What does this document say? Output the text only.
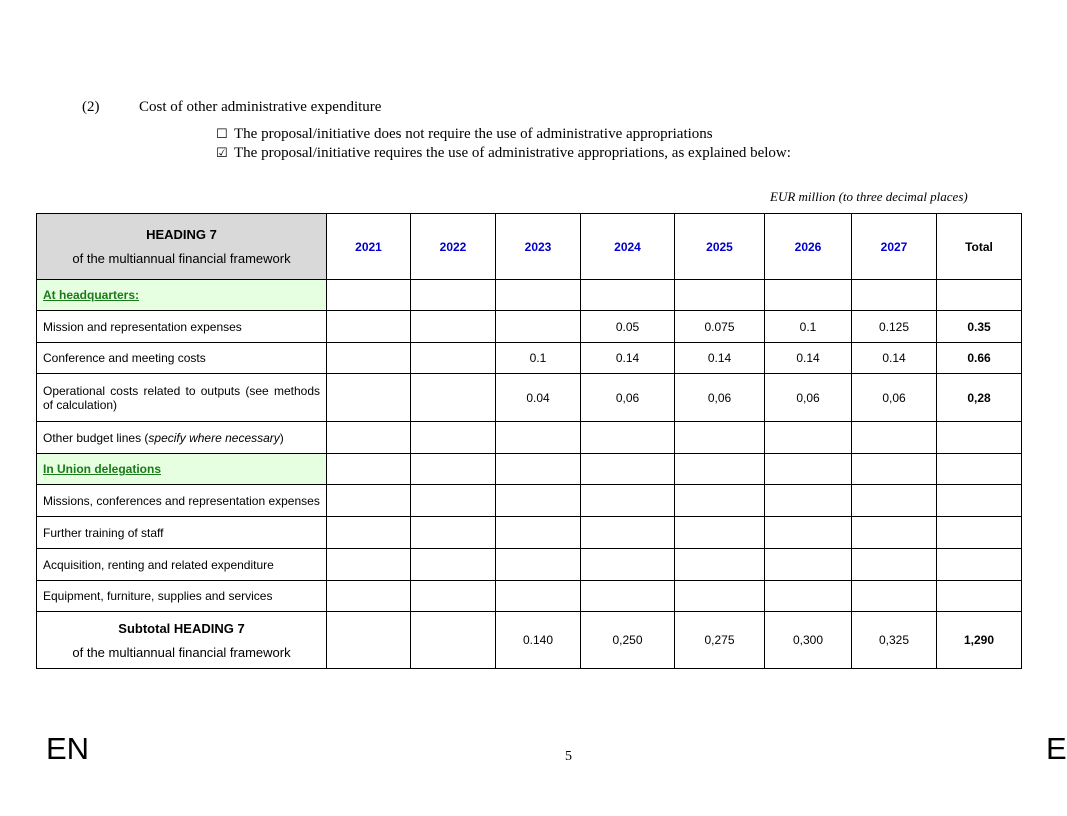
(2)	Cost of other administrative expenditure
☐ The proposal/initiative does not require the use of administrative appropriations
☑ The proposal/initiative requires the use of administrative appropriations, as explained below:
EUR million (to three decimal places)
HEADING 7
of the multiannual financial framework	2021	2022	2023	2024	2025	2026	2027	Total
At headquarters:								
Mission and representation expenses				0.05	0.075	0.1	0.125	0.35
Conference and meeting costs			0.1	0.14	0.14	0.14	0.14	0.66
Operational costs related to outputs (see methods of calculation)			0.04	0,06	0,06	0,06	0,06	0,28
Other budget lines (specify where necessary)								
In Union delegations								
Missions, conferences and representation expenses								
Further training of staff								
Acquisition, renting and related expenditure								
Equipment, furniture, supplies and services								

Subtotal HEADING 7
of the multiannual financial framework			0.140	0,250	0,275	0,300	0,325	1,290
EN	5	E
